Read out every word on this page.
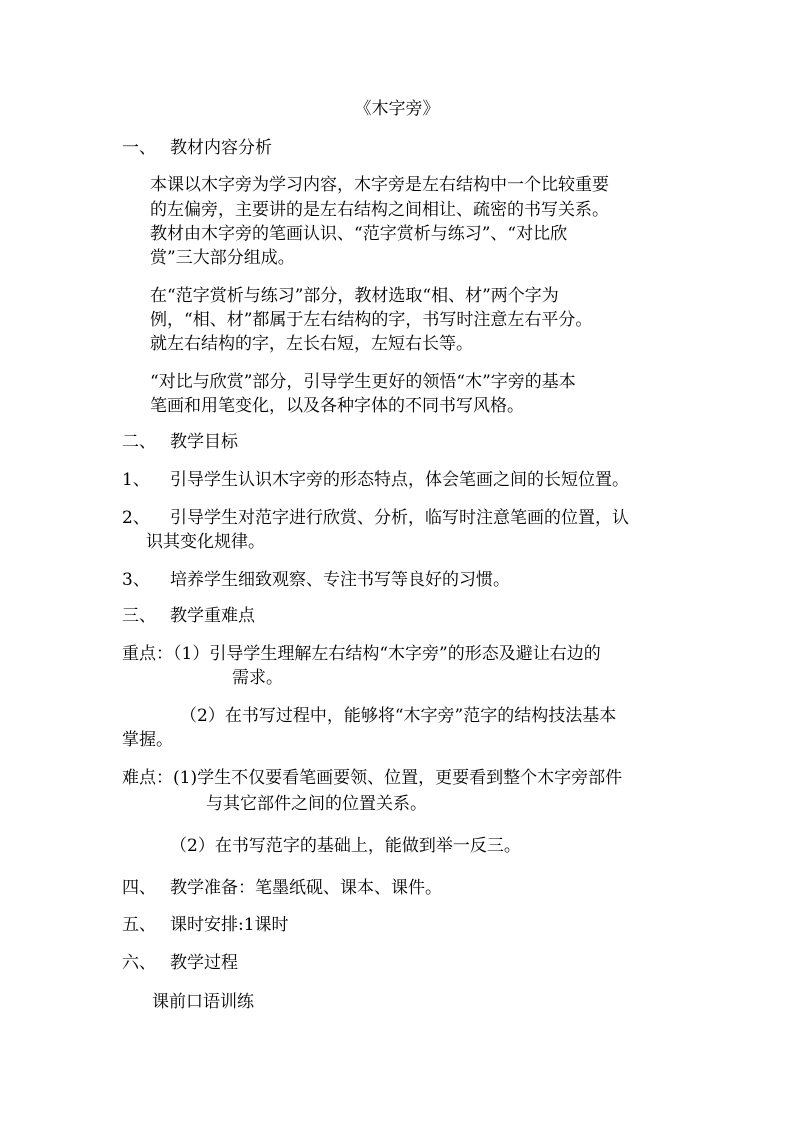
《木字旁》
一、 教材内容分析
本课以木字旁为学习内容，木字旁是左右结构中一个比较重要
的左偏旁，主要讲的是左右结构之间相让、疏密的书写关系。
教材由木字旁的笔画认识、“范字赏析与练习”、“对比欣
赏”三大部分组成。
在“范字赏析与练习”部分，教材选取“相、材”两个字为
例，“相、材”都属于左右结构的字，书写时注意左右平分。
就左右结构的字，左长右短，左短右长等。
“对比与欣赏”部分，引导学生更好的领悟“木”字旁的基本
笔画和用笔变化，以及各种字体的不同书写风格。
二、 教学目标
1、 引导学生认识木字旁的形态特点，体会笔画之间的长短位置。
2、 引导学生对范字进行欣赏、分析，临写时注意笔画的位置，认
识其变化规律。
3、 培养学生细致观察、专注书写等良好的习惯。
三、 教学重难点
重点：（1）引导学生理解左右结构“木字旁”的形态及避让右边的
需求。
（2）在书写过程中，能够将“木字旁”范字的结构技法基本
掌握。
难点：(1)学生不仅要看笔画要领、位置，更要看到整个木字旁部件
与其它部件之间的位置关系。
（2）在书写范字的基础上，能做到举一反三。
四、 教学准备：笔墨纸砚、课本、课件。
五、 课时安排:1课时
六、 教学过程
课前口语训练
